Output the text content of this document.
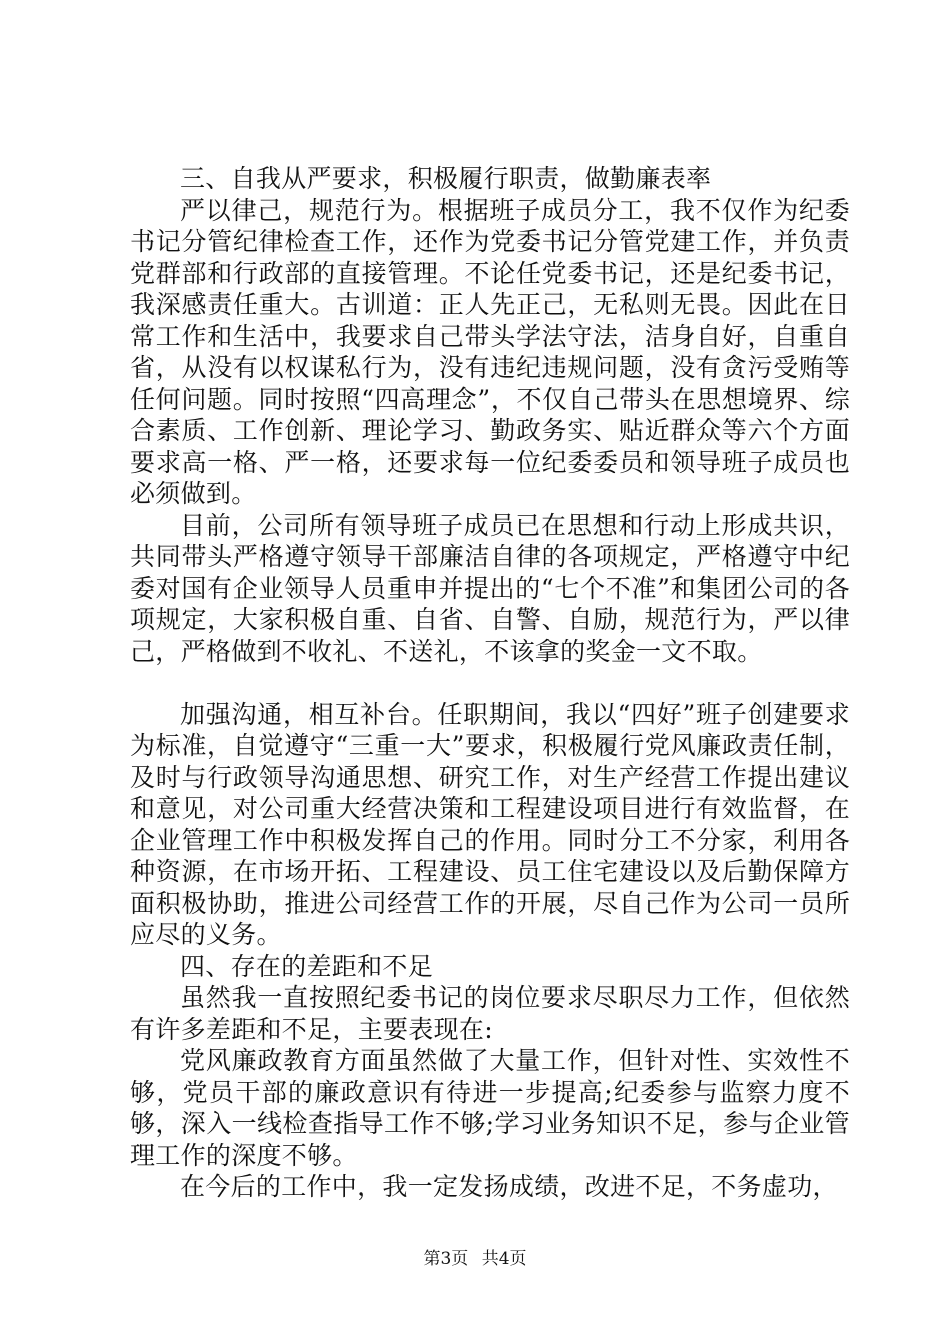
三、自我从严要求，积极履行职责，做勤廉表率

严以律己，规范行为。根据班子成员分工，我不仅作为纪委书记分管纪律检查工作，还作为党委书记分管党建工作，并负责党群部和行政部的直接管理。不论任党委书记，还是纪委书记，我深感责任重大。古训道：正人先正己，无私则无畏。因此在日常工作和生活中，我要求自己带头学法守法，洁身自好，自重自省，从没有以权谋私行为，没有违纪违规问题，没有贪污受贿等任何问题。同时按照“四高理念”，不仅自己带头在思想境界、综合素质、工作创新、理论学习、勤政务实、贴近群众等六个方面要求高一格、严一格，还要求每一位纪委委员和领导班子成员也必须做到。

目前，公司所有领导班子成员已在思想和行动上形成共识，共同带头严格遵守领导干部廉洁自律的各项规定，严格遵守中纪委对国有企业领导人员重申并提出的“七个不准”和集团公司的各项规定，大家积极自重、自省、自警、自励，规范行为，严以律己，严格做到不收礼、不送礼，不该拿的奖金一文不取。

加强沟通，相互补台。任职期间，我以“四好”班子创建要求为标准，自觉遵守“三重一大”要求，积极履行党风廉政责任制，及时与行政领导沟通思想、研究工作，对生产经营工作提出建议和意见，对公司重大经营决策和工程建设项目进行有效监督，在企业管理工作中积极发挥自己的作用。同时分工不分家，利用各种资源，在市场开拓、工程建设、员工住宅建设以及后勤保障方面积极协助，推进公司经营工作的开展，尽自己作为公司一员所应尽的义务。

四、存在的差距和不足

虽然我一直按照纪委书记的岗位要求尽职尽力工作，但依然有许多差距和不足，主要表现在:

党风廉政教育方面虽然做了大量工作，但针对性、实效性不够，党员干部的廉政意识有待进一步提高;纪委参与监察力度不够，深入一线检查指导工作不够;学习业务知识不足，参与企业管理工作的深度不够。

在今后的工作中，我一定发扬成绩，改进不足，不务虚功，

第3页 共4页
